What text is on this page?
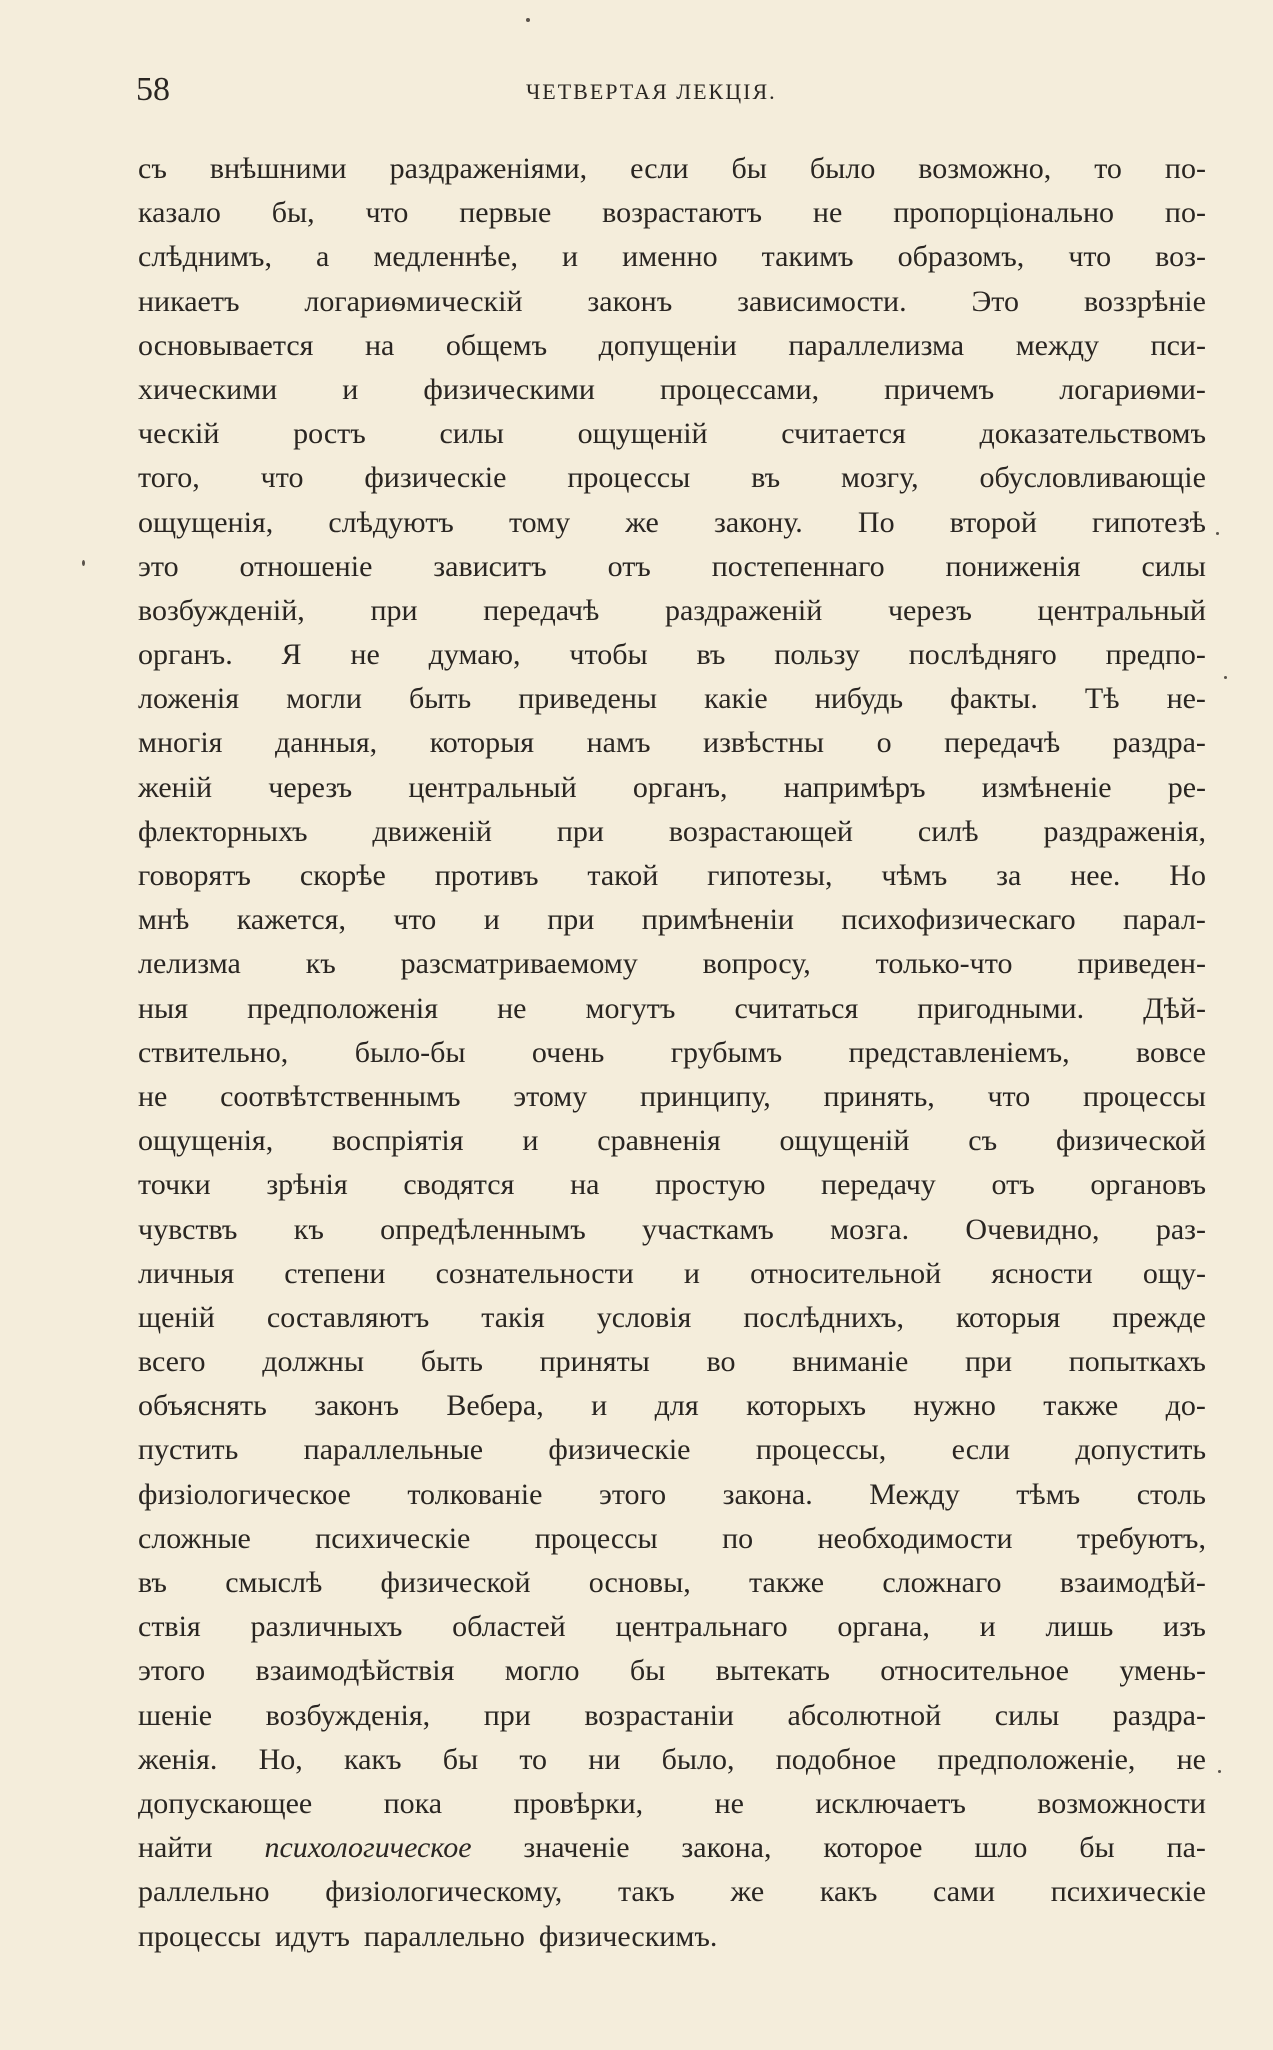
58	ЧЕТВЕРТАЯ ЛЕКЦІЯ.
съ внѣшними раздраженіями, если бы было возможно, то по-
казало бы, что первые возрастаютъ не пропорціонально по-
слѣднимъ, а медленнѣе, и именно такимъ образомъ, что воз-
никаетъ логариѳмическій законъ зависимости. Это воззрѣніе
основывается на общемъ допущеніи параллелизма между пси-
хическими и физическими процессами, причемъ логариѳми-
ческій ростъ силы ощущеній считается доказательствомъ
того, что физическіе процессы въ мозгу, обусловливающіе
ощущенія, слѣдуютъ тому же закону. По второй гипотезѣ
это отношеніе зависитъ отъ постепеннаго пониженія силы
возбужденій, при передачѣ раздраженій черезъ центральный
органъ. Я не думаю, чтобы въ пользу послѣдняго предпо-
ложенія могли быть приведены какіе нибудь факты. Тѣ не-
многія данныя, которыя намъ извѣстны о передачѣ раздра-
женій черезъ центральный органъ, напримѣръ измѣненіе ре-
флекторныхъ движеній при возрастающей силѣ раздраженія,
говорятъ скорѣе противъ такой гипотезы, чѣмъ за нее. Но
мнѣ кажется, что и при примѣненіи психофизическаго парал-
лелизма къ разсматриваемому вопросу, только-что приведен-
ныя предположенія не могутъ считаться пригодными. Дѣй-
ствительно, было-бы очень грубымъ представленіемъ, вовсе
не соотвѣтственнымъ этому принципу, принять, что процессы
ощущенія, воспріятія и сравненія ощущеній съ физической
точки зрѣнія сводятся на простую передачу отъ органовъ
чувствъ къ опредѣленнымъ участкамъ мозга. Очевидно, раз-
личныя степени сознательности и относительной ясности ощу-
щеній составляютъ такія условія послѣднихъ, которыя прежде
всего должны быть приняты во вниманіе при попыткахъ
объяснять законъ Вебера, и для которыхъ нужно также до-
пустить параллельные физическіе процессы, если допустить
физіологическое толкованіе этого закона. Между тѣмъ столь
сложные психическіе процессы по необходимости требуютъ,
въ смыслѣ физической основы, также сложнаго взаимодѣй-
ствія различныхъ областей центральнаго органа, и лишь изъ
этого взаимодѣйствія могло бы вытекать относительное умень-
шеніе возбужденія, при возрастаніи абсолютной силы раздра-
женія. Но, какъ бы то ни было, подобное предположеніе, не
допускающее пока провѣрки, не исключаетъ возможности
найти психологическое значеніе закона, которое шло бы па-
раллельно физіологическому, такъ же какъ сами психическіе
процессы идутъ параллельно физическимъ.
